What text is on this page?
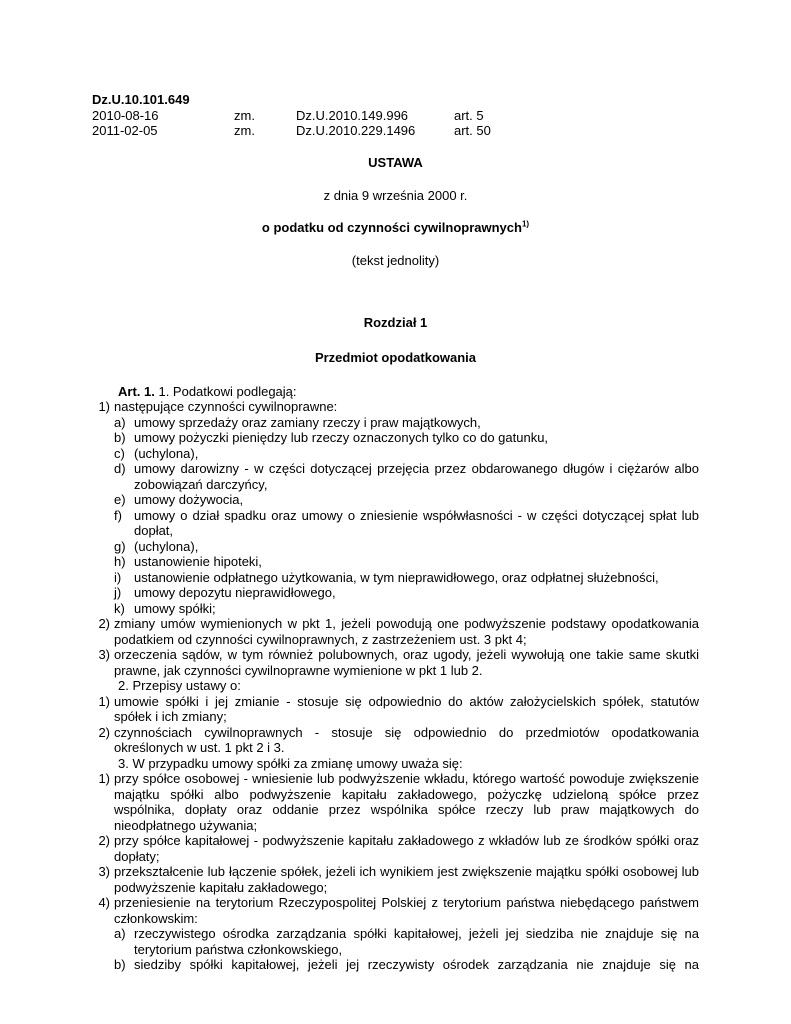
Dz.U.10.101.649
2010-08-16	zm.	Dz.U.2010.149.996	art. 5
2011-02-05	zm.	Dz.U.2010.229.1496	art. 50
USTAWA
z dnia 9 września 2000 r.
o podatku od czynności cywilnoprawnych$^{1)}$
(tekst jednolity)
Rozdział 1
Przedmiot opodatkowania
Art. 1. 1. Podatkowi podlegają:
1) następujące czynności cywilnoprawne:
a) umowy sprzedaży oraz zamiany rzeczy i praw majątkowych,
b) umowy pożyczki pieniędzy lub rzeczy oznaczonych tylko co do gatunku,
c) (uchylona),
d) umowy darowizny - w części dotyczącej przejęcia przez obdarowanego długów i ciężarów albo zobowiązań darczyńcy,
e) umowy dożywocia,
f) umowy o dział spadku oraz umowy o zniesienie współwłasności - w części dotyczącej spłat lub dopłat,
g) (uchylona),
h) ustanowienie hipoteki,
i) ustanowienie odpłatnego użytkowania, w tym nieprawidłowego, oraz odpłatnej służebności,
j) umowy depozytu nieprawidłowego,
k) umowy spółki;
2) zmiany umów wymienionych w pkt 1, jeżeli powodują one podwyższenie podstawy opodatkowania podatkiem od czynności cywilnoprawnych, z zastrzeżeniem ust. 3 pkt 4;
3) orzeczenia sądów, w tym również polubownych, oraz ugody, jeżeli wywołują one takie same skutki prawne, jak czynności cywilnoprawne wymienione w pkt 1 lub 2.
2. Przepisy ustawy o:
1) umowie spółki i jej zmianie - stosuje się odpowiednio do aktów założycielskich spółek, statutów spółek i ich zmiany;
2) czynnościach cywilnoprawnych - stosuje się odpowiednio do przedmiotów opodatkowania określonych w ust. 1 pkt 2 i 3.
3. W przypadku umowy spółki za zmianę umowy uważa się:
1) przy spółce osobowej - wniesienie lub podwyższenie wkładu, którego wartość powoduje zwiększenie majątku spółki albo podwyższenie kapitału zakładowego, pożyczkę udzieloną spółce przez wspólnika, dopłaty oraz oddanie przez wspólnika spółce rzeczy lub praw majątkowych do nieodpłatnego używania;
2) przy spółce kapitałowej - podwyższenie kapitału zakładowego z wkładów lub ze środków spółki oraz dopłaty;
3) przekształcenie lub łączenie spółek, jeżeli ich wynikiem jest zwiększenie majątku spółki osobowej lub podwyższenie kapitału zakładowego;
4) przeniesienie na terytorium Rzeczypospolitej Polskiej z terytorium państwa niebędącego państwem członkowskim:
a) rzeczywistego ośrodka zarządzania spółki kapitałowej, jeżeli jej siedziba nie znajduje się na terytorium państwa członkowskiego,
b) siedziby spółki kapitałowej, jeżeli jej rzeczywisty ośrodek zarządzania nie znajduje się na
